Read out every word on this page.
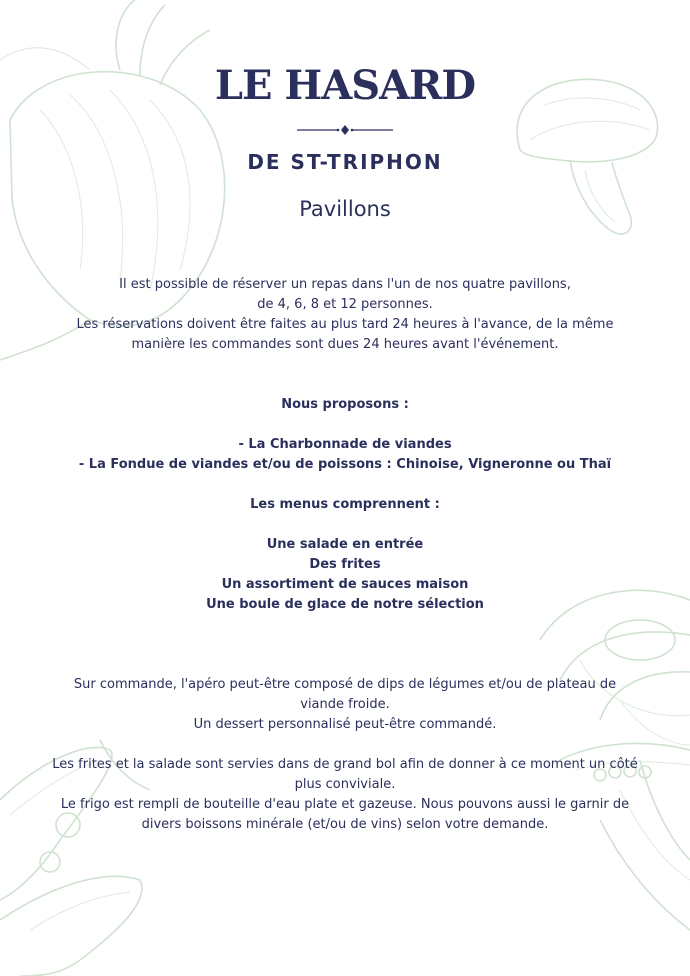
LE HASARD
DE ST-TRIPHON
Pavillons
Il est possible de réserver un repas dans l'un de nos quatre pavillons,
de 4, 6, 8 et 12 personnes.
Les réservations doivent être faites au plus tard 24 heures à l'avance, de la même
manière les commandes sont dues 24 heures avant l'événement.
Nous proposons :
- La Charbonnade de viandes
- La Fondue de viandes et/ou de poissons : Chinoise, Vigneronne ou Thaï
Les menus comprennent :
Une salade en entrée
Des frites
Un assortiment de sauces maison
Une boule de glace de notre sélection
Sur commande, l'apéro peut-être composé de dips de légumes et/ou de plateau de
viande froide.
Un dessert personnalisé peut-être commandé.
Les frites et la salade sont servies dans de grand bol afin de donner à ce moment un côté
plus conviviale.
Le frigo est rempli de bouteille d'eau plate et gazeuse. Nous pouvons aussi le garnir de
divers boissons minérale (et/ou de vins) selon votre demande.
